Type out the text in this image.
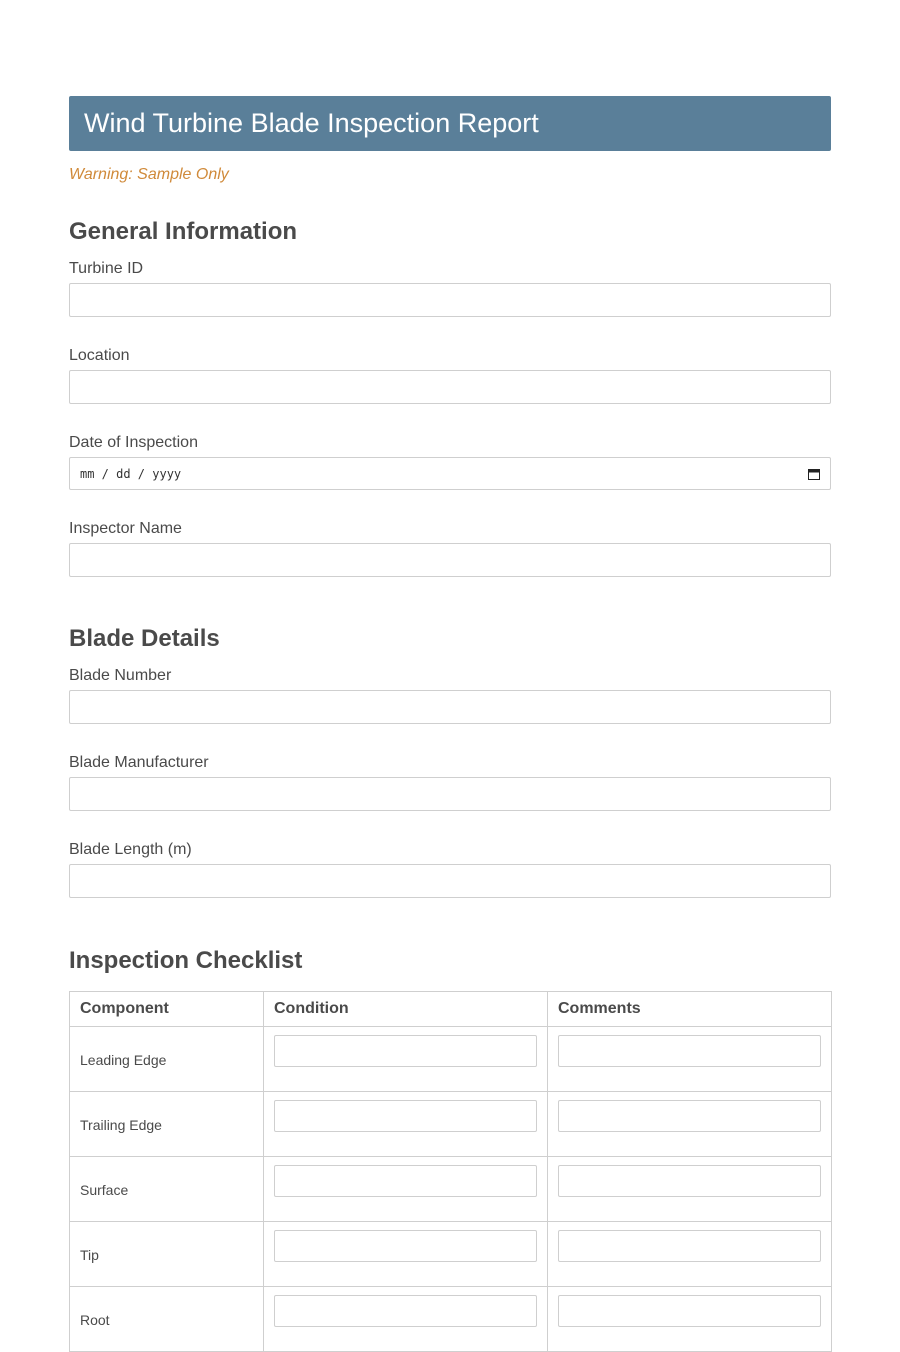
Wind Turbine Blade Inspection Report
Warning: Sample Only
General Information
Turbine ID
Location
Date of Inspection
mm / dd / yyyy
Inspector Name
Blade Details
Blade Number
Blade Manufacturer
Blade Length (m)
Inspection Checklist
Component	Condition	Comments

Leading Edge		

Trailing Edge		

Surface		

Tip		

Root		
